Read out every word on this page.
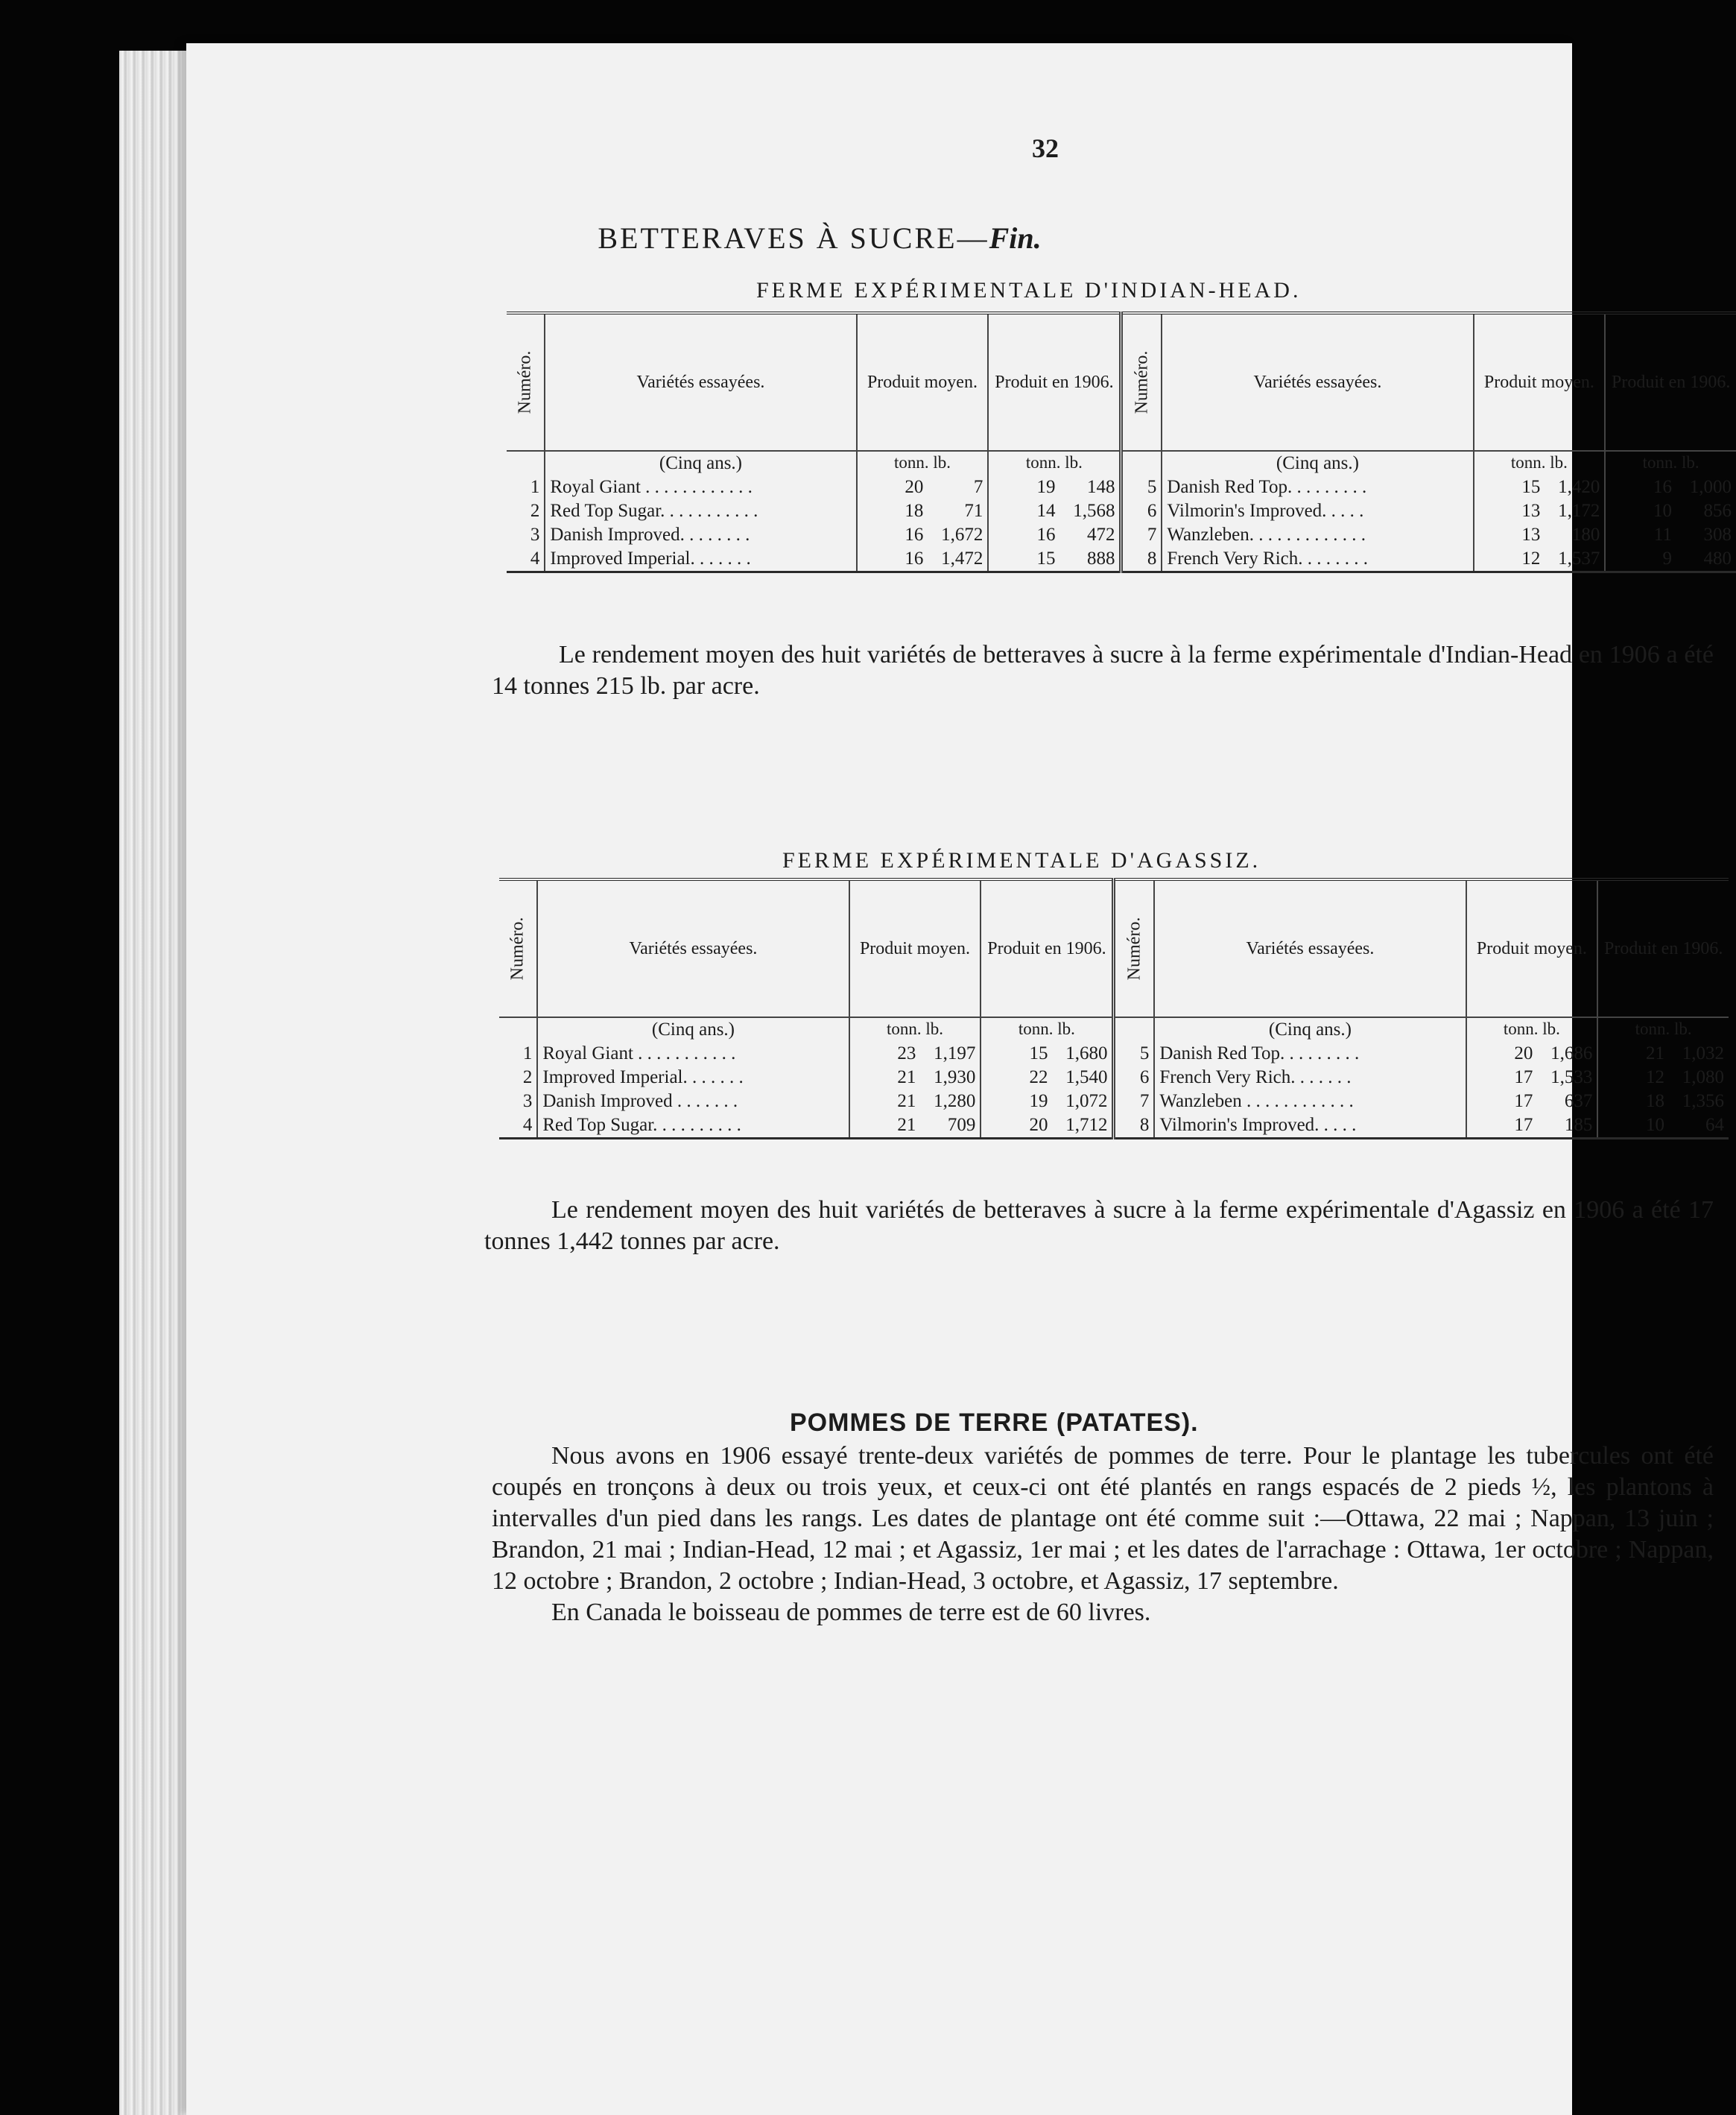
32
BETTERAVES À SUCRE—Fin.
FERME EXPÉRIMENTALE D'INDIAN-HEAD.
Numéro.	Variétés essayées.	Produit moyen.	Produit en 1906.	Numéro.	Variétés essayées.	Produit moyen.	Produit en 1906.
	(Cinq ans.)	tonn. lb.	tonn. lb.		(Cinq ans.)	tonn. lb.	tonn. lb.
1	Royal Giant . . . . . . . . . . . .	20 7	19 148	5	Danish Red Top. . . . . . . . .	15 1,420	16 1,000
2	Red Top Sugar. . . . . . . . . . .	18 71	14 1,568	6	Vilmorin's Improved. . . . .	13 1,172	10 856
3	Danish Improved. . . . . . . .	16 1,672	16 472	7	Wanzleben. . . . . . . . . . . . .	13 180	11 308
4	Improved Imperial. . . . . . .	16 1,472	15 888	8	French Very Rich. . . . . . . .	12 1,537	9 480
Le rendement moyen des huit variétés de betteraves à sucre à la ferme expérimentale d'Indian-Head en 1906 a été 14 tonnes 215 lb. par acre.
FERME EXPÉRIMENTALE D'AGASSIZ.
Numéro.	Variétés essayées.	Produit moyen.	Produit en 1906.	Numéro.	Variétés essayées.	Produit moyen.	Produit en 1906.
	(Cinq ans.)	tonn. lb.	tonn. lb.		(Cinq ans.)	tonn. lb.	tonn. lb.
1	Royal Giant . . . . . . . . . . .	23 1,197	15 1,680	5	Danish Red Top. . . . . . . . .	20 1,686	21 1,032
2	Improved Imperial. . . . . . .	21 1,930	22 1,540	6	French Very Rich. . . . . . .	17 1,533	12 1,080
3	Danish Improved . . . . . . .	21 1,280	19 1,072	7	Wanzleben . . . . . . . . . . . .	17 637	18 1,356
4	Red Top Sugar. . . . . . . . . .	21 709	20 1,712	8	Vilmorin's Improved. . . . .	17 185	10 64
Le rendement moyen des huit variétés de betteraves à sucre à la ferme expérimentale d'Agassiz en 1906 a été 17 tonnes 1,442 tonnes par acre.
POMMES DE TERRE (PATATES).

Nous avons en 1906 essayé trente-deux variétés de pommes de terre. Pour le plantage les tubercules ont été coupés en tronçons à deux ou trois yeux, et ceux-ci ont été plantés en rangs espacés de 2 pieds ½, les plantons à intervalles d'un pied dans les rangs. Les dates de plantage ont été comme suit :—Ottawa, 22 mai ; Nappan, 13 juin ; Brandon, 21 mai ; Indian-Head, 12 mai ; et Agassiz, 1er mai ; et les dates de l'arrachage : Ottawa, 1er octobre ; Nappan, 12 octobre ; Brandon, 2 octobre ; Indian-Head, 3 octobre, et Agassiz, 17 septembre.

En Canada le boisseau de pommes de terre est de 60 livres.
